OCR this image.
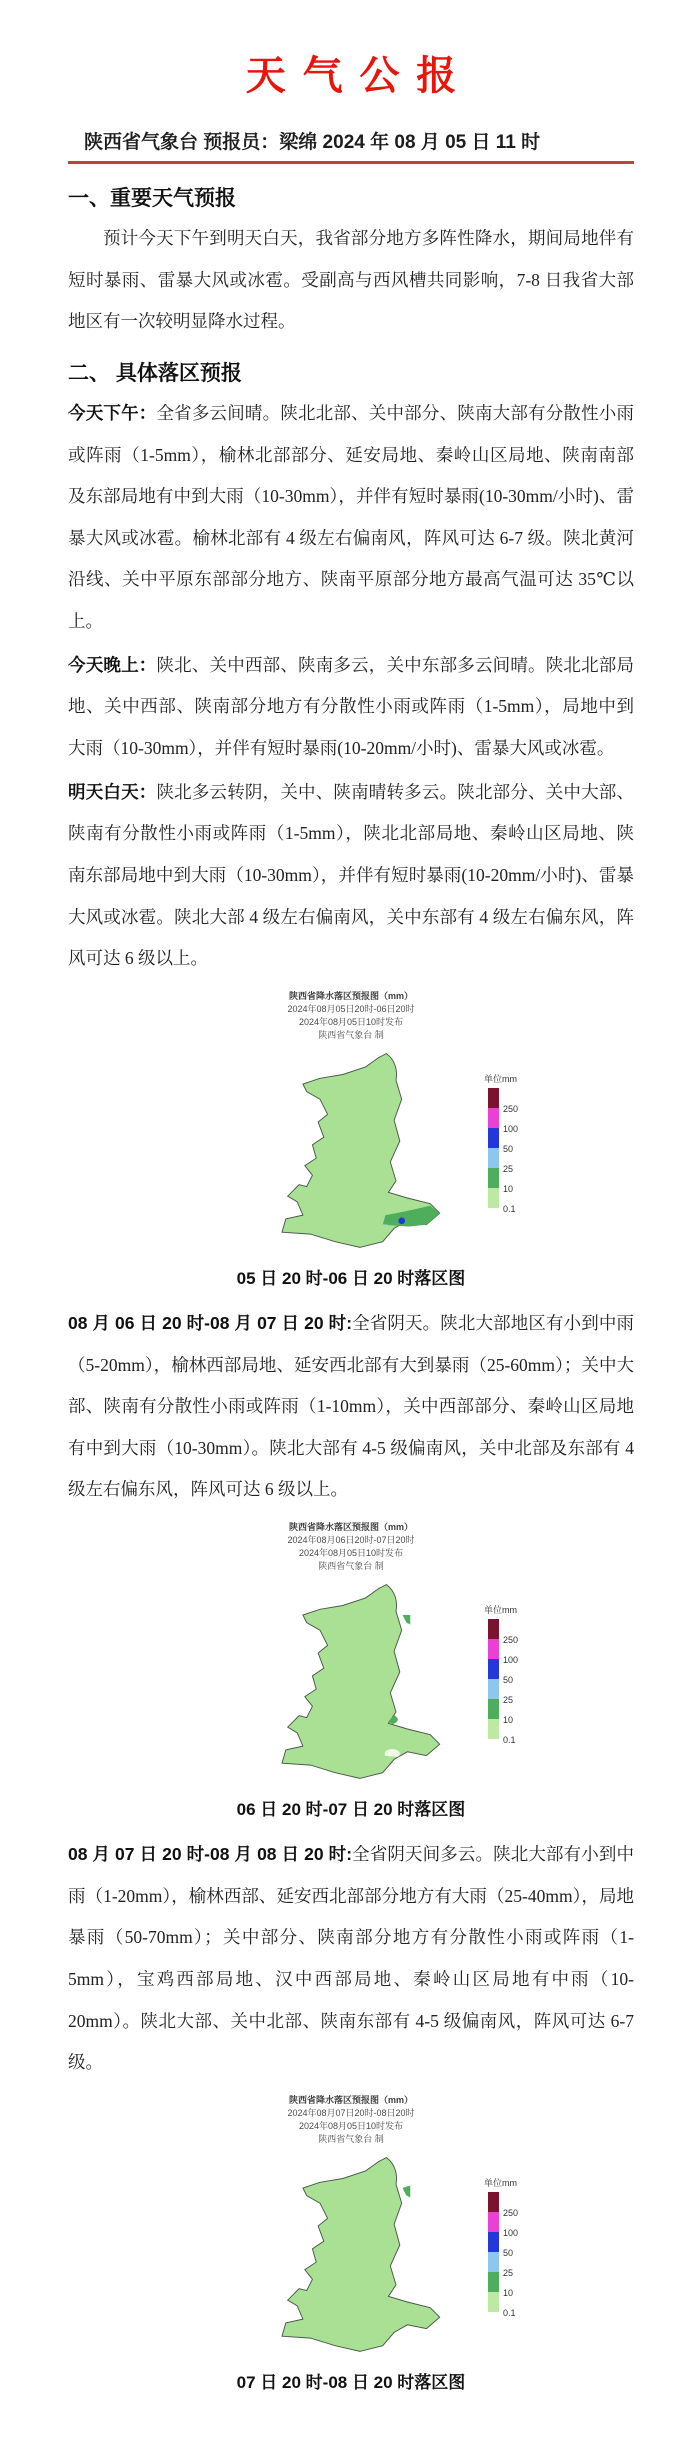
天气公报
陕西省气象台 预报员：梁绵 2024 年 08 月 05 日 11 时
一、重要天气预报

预计今天下午到明天白天，我省部分地方多阵性降水，期间局地伴有短时暴雨、雷暴大风或冰雹。受副高与西风槽共同影响，7-8 日我省大部地区有一次较明显降水过程。

二、 具体落区预报

今天下午：全省多云间晴。陕北北部、关中部分、陕南大部有分散性小雨或阵雨（1-5mm），榆林北部部分、延安局地、秦岭山区局地、陕南南部及东部局地有中到大雨（10-30mm），并伴有短时暴雨(10-30mm/小时)、雷暴大风或冰雹。榆林北部有 4 级左右偏南风，阵风可达 6-7 级。陕北黄河沿线、关中平原东部部分地方、陕南平原部分地方最高气温可达 35℃以上。

今天晚上：陕北、关中西部、陕南多云，关中东部多云间晴。陕北北部局地、关中西部、陕南部分地方有分散性小雨或阵雨（1-5mm），局地中到大雨（10-30mm），并伴有短时暴雨(10-20mm/小时)、雷暴大风或冰雹。

明天白天：陕北多云转阴，关中、陕南晴转多云。陕北部分、关中大部、陕南有分散性小雨或阵雨（1-5mm），陕北北部局地、秦岭山区局地、陕南东部局地中到大雨（10-30mm），并伴有短时暴雨(10-20mm/小时)、雷暴大风或冰雹。陕北大部 4 级左右偏南风，关中东部有 4 级左右偏东风，阵风可达 6 级以上。

陕西省降水落区预报图（mm）
2024年08月05日20时-06日20时
2024年08月05日10时发布
陕西省气象台 制
单位mm
250
100
50
25
10
0.1
05 日 20 时-06 日 20 时落区图

08 月 06 日 20 时-08 月 07 日 20 时:全省阴天。陕北大部地区有小到中雨（5-20mm），榆林西部局地、延安西北部有大到暴雨（25-60mm）；关中大部、陕南有分散性小雨或阵雨（1-10mm），关中西部部分、秦岭山区局地有中到大雨（10-30mm）。陕北大部有 4-5 级偏南风，关中北部及东部有 4 级左右偏东风，阵风可达 6 级以上。

陕西省降水落区预报图（mm）
2024年08月06日20时-07日20时
2024年08月05日10时发布
陕西省气象台 制
单位mm
250
100
50
25
10
0.1
06 日 20 时-07 日 20 时落区图

08 月 07 日 20 时-08 月 08 日 20 时:全省阴天间多云。陕北大部有小到中雨（1-20mm），榆林西部、延安西北部部分地方有大雨（25-40mm），局地暴雨（50-70mm）；关中部分、陕南部分地方有分散性小雨或阵雨（1-5mm），宝鸡西部局地、汉中西部局地、秦岭山区局地有中雨（10-20mm）。陕北大部、关中北部、陕南东部有 4-5 级偏南风，阵风可达 6-7 级。

陕西省降水落区预报图（mm）
2024年08月07日20时-08日20时
2024年08月05日10时发布
陕西省气象台 制
单位mm
250
100
50
25
10
0.1
07 日 20 时-08 日 20 时落区图
